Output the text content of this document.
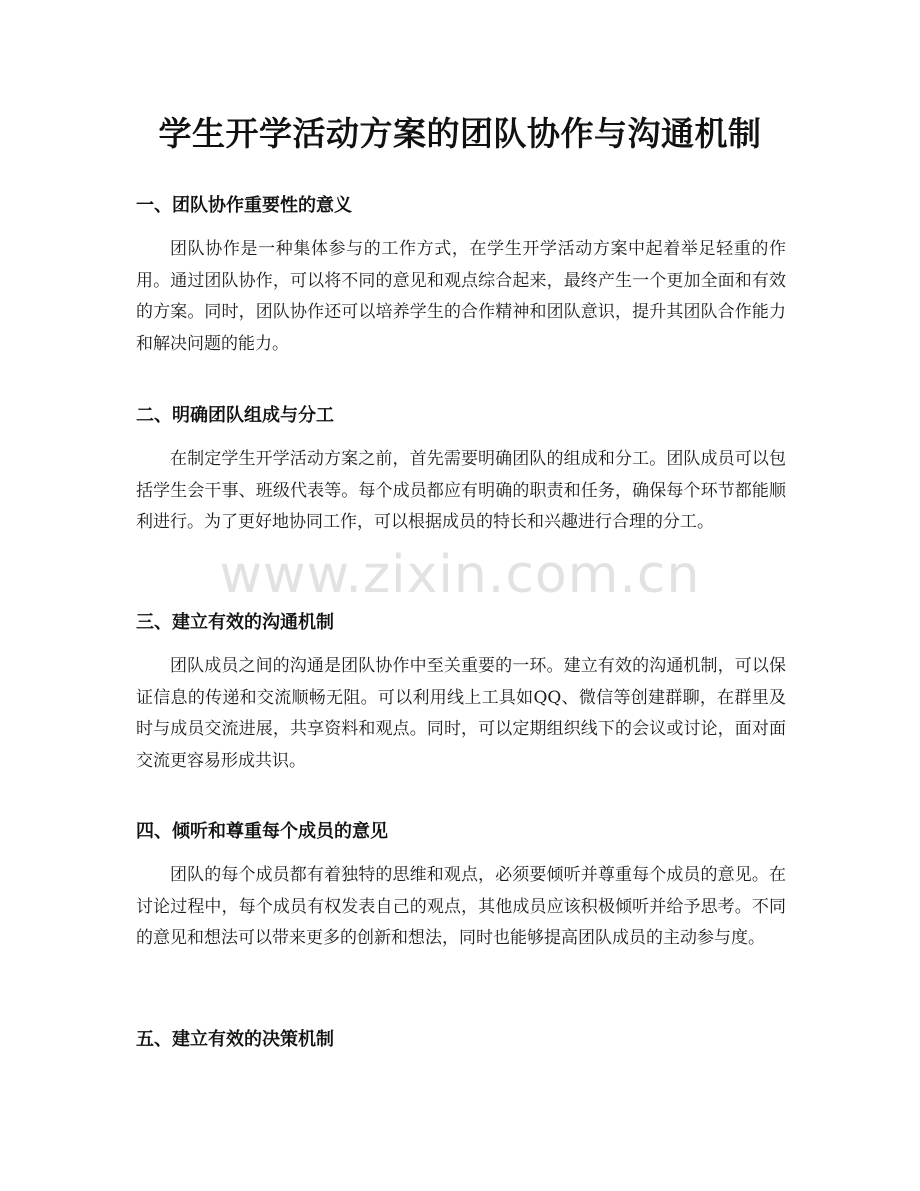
学生开学活动方案的团队协作与沟通机制
一、团队协作重要性的意义

团队协作是一种集体参与的工作方式，在学生开学活动方案中起着举足轻重的作用。通过团队协作，可以将不同的意见和观点综合起来，最终产生一个更加全面和有效的方案。同时，团队协作还可以培养学生的合作精神和团队意识，提升其团队合作能力和解决问题的能力。

二、明确团队组成与分工

在制定学生开学活动方案之前，首先需要明确团队的组成和分工。团队成员可以包括学生会干事、班级代表等。每个成员都应有明确的职责和任务，确保每个环节都能顺利进行。为了更好地协同工作，可以根据成员的特长和兴趣进行合理的分工。

三、建立有效的沟通机制

团队成员之间的沟通是团队协作中至关重要的一环。建立有效的沟通机制，可以保证信息的传递和交流顺畅无阻。可以利用线上工具如QQ、微信等创建群聊，在群里及时与成员交流进展，共享资料和观点。同时，可以定期组织线下的会议或讨论，面对面交流更容易形成共识。

四、倾听和尊重每个成员的意见

团队的每个成员都有着独特的思维和观点，必须要倾听并尊重每个成员的意见。在讨论过程中，每个成员有权发表自己的观点，其他成员应该积极倾听并给予思考。不同的意见和想法可以带来更多的创新和想法，同时也能够提高团队成员的主动参与度。

五、建立有效的决策机制
www.zixin.com.cn
